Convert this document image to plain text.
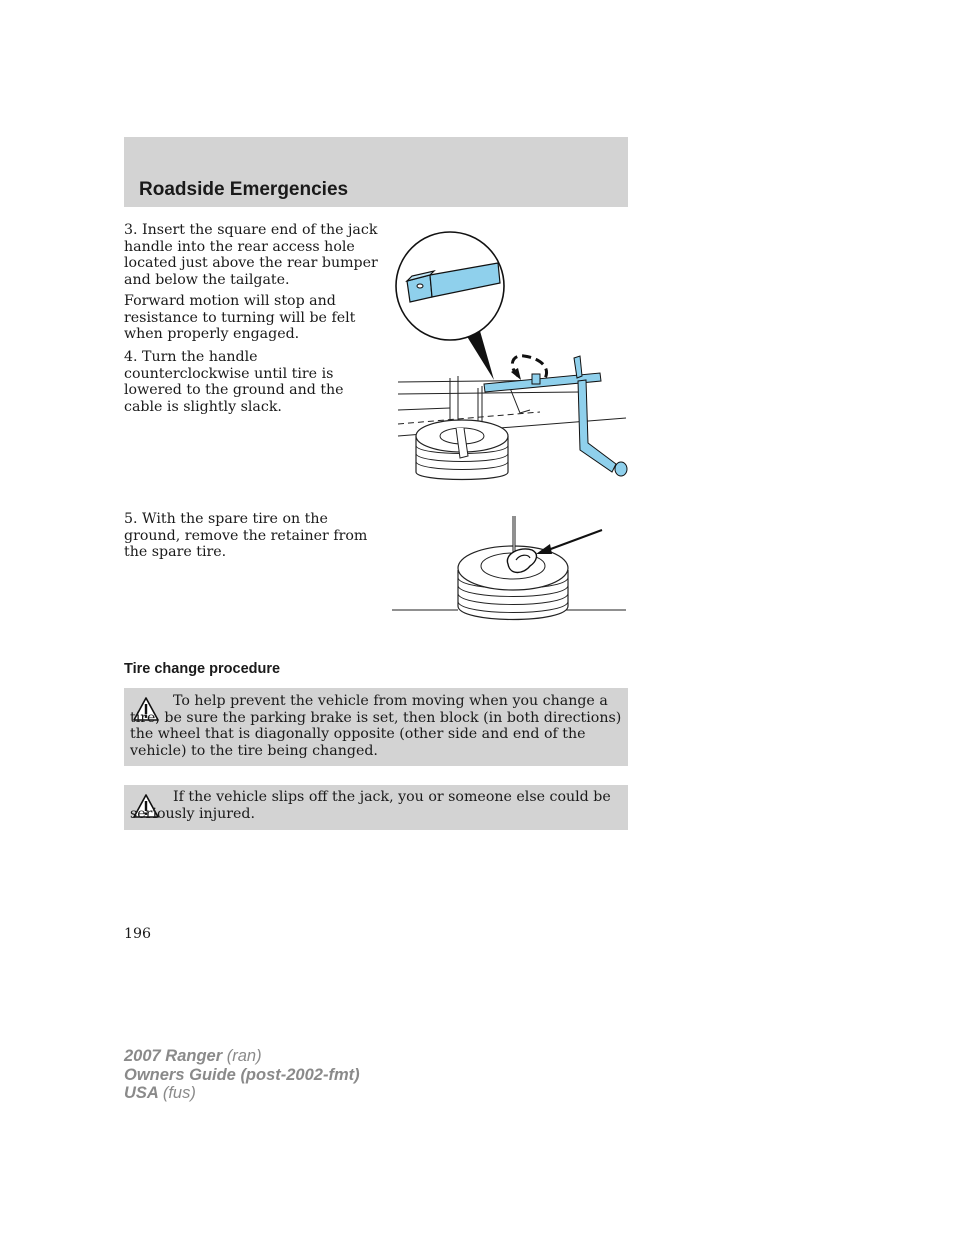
Roadside Emergencies

3. Insert the square end of the jack handle into the rear access hole located just above the rear bumper and below the tailgate.

Forward motion will stop and resistance to turning will be felt when properly engaged.

4. Turn the handle counterclockwise until tire is lowered to the ground and the cable is slightly slack.

5. With the spare tire on the ground, remove the retainer from the spare tire.

Tire change procedure

To help prevent the vehicle from moving when you change a tire, be sure the parking brake is set, then block (in both directions) the wheel that is diagonally opposite (other side and end of the vehicle) to the tire being changed.

If the vehicle slips off the jack, you or someone else could be seriously injured.

196
2007 Ranger (ran)
Owners Guide (post-2002-fmt)
USA (fus)
